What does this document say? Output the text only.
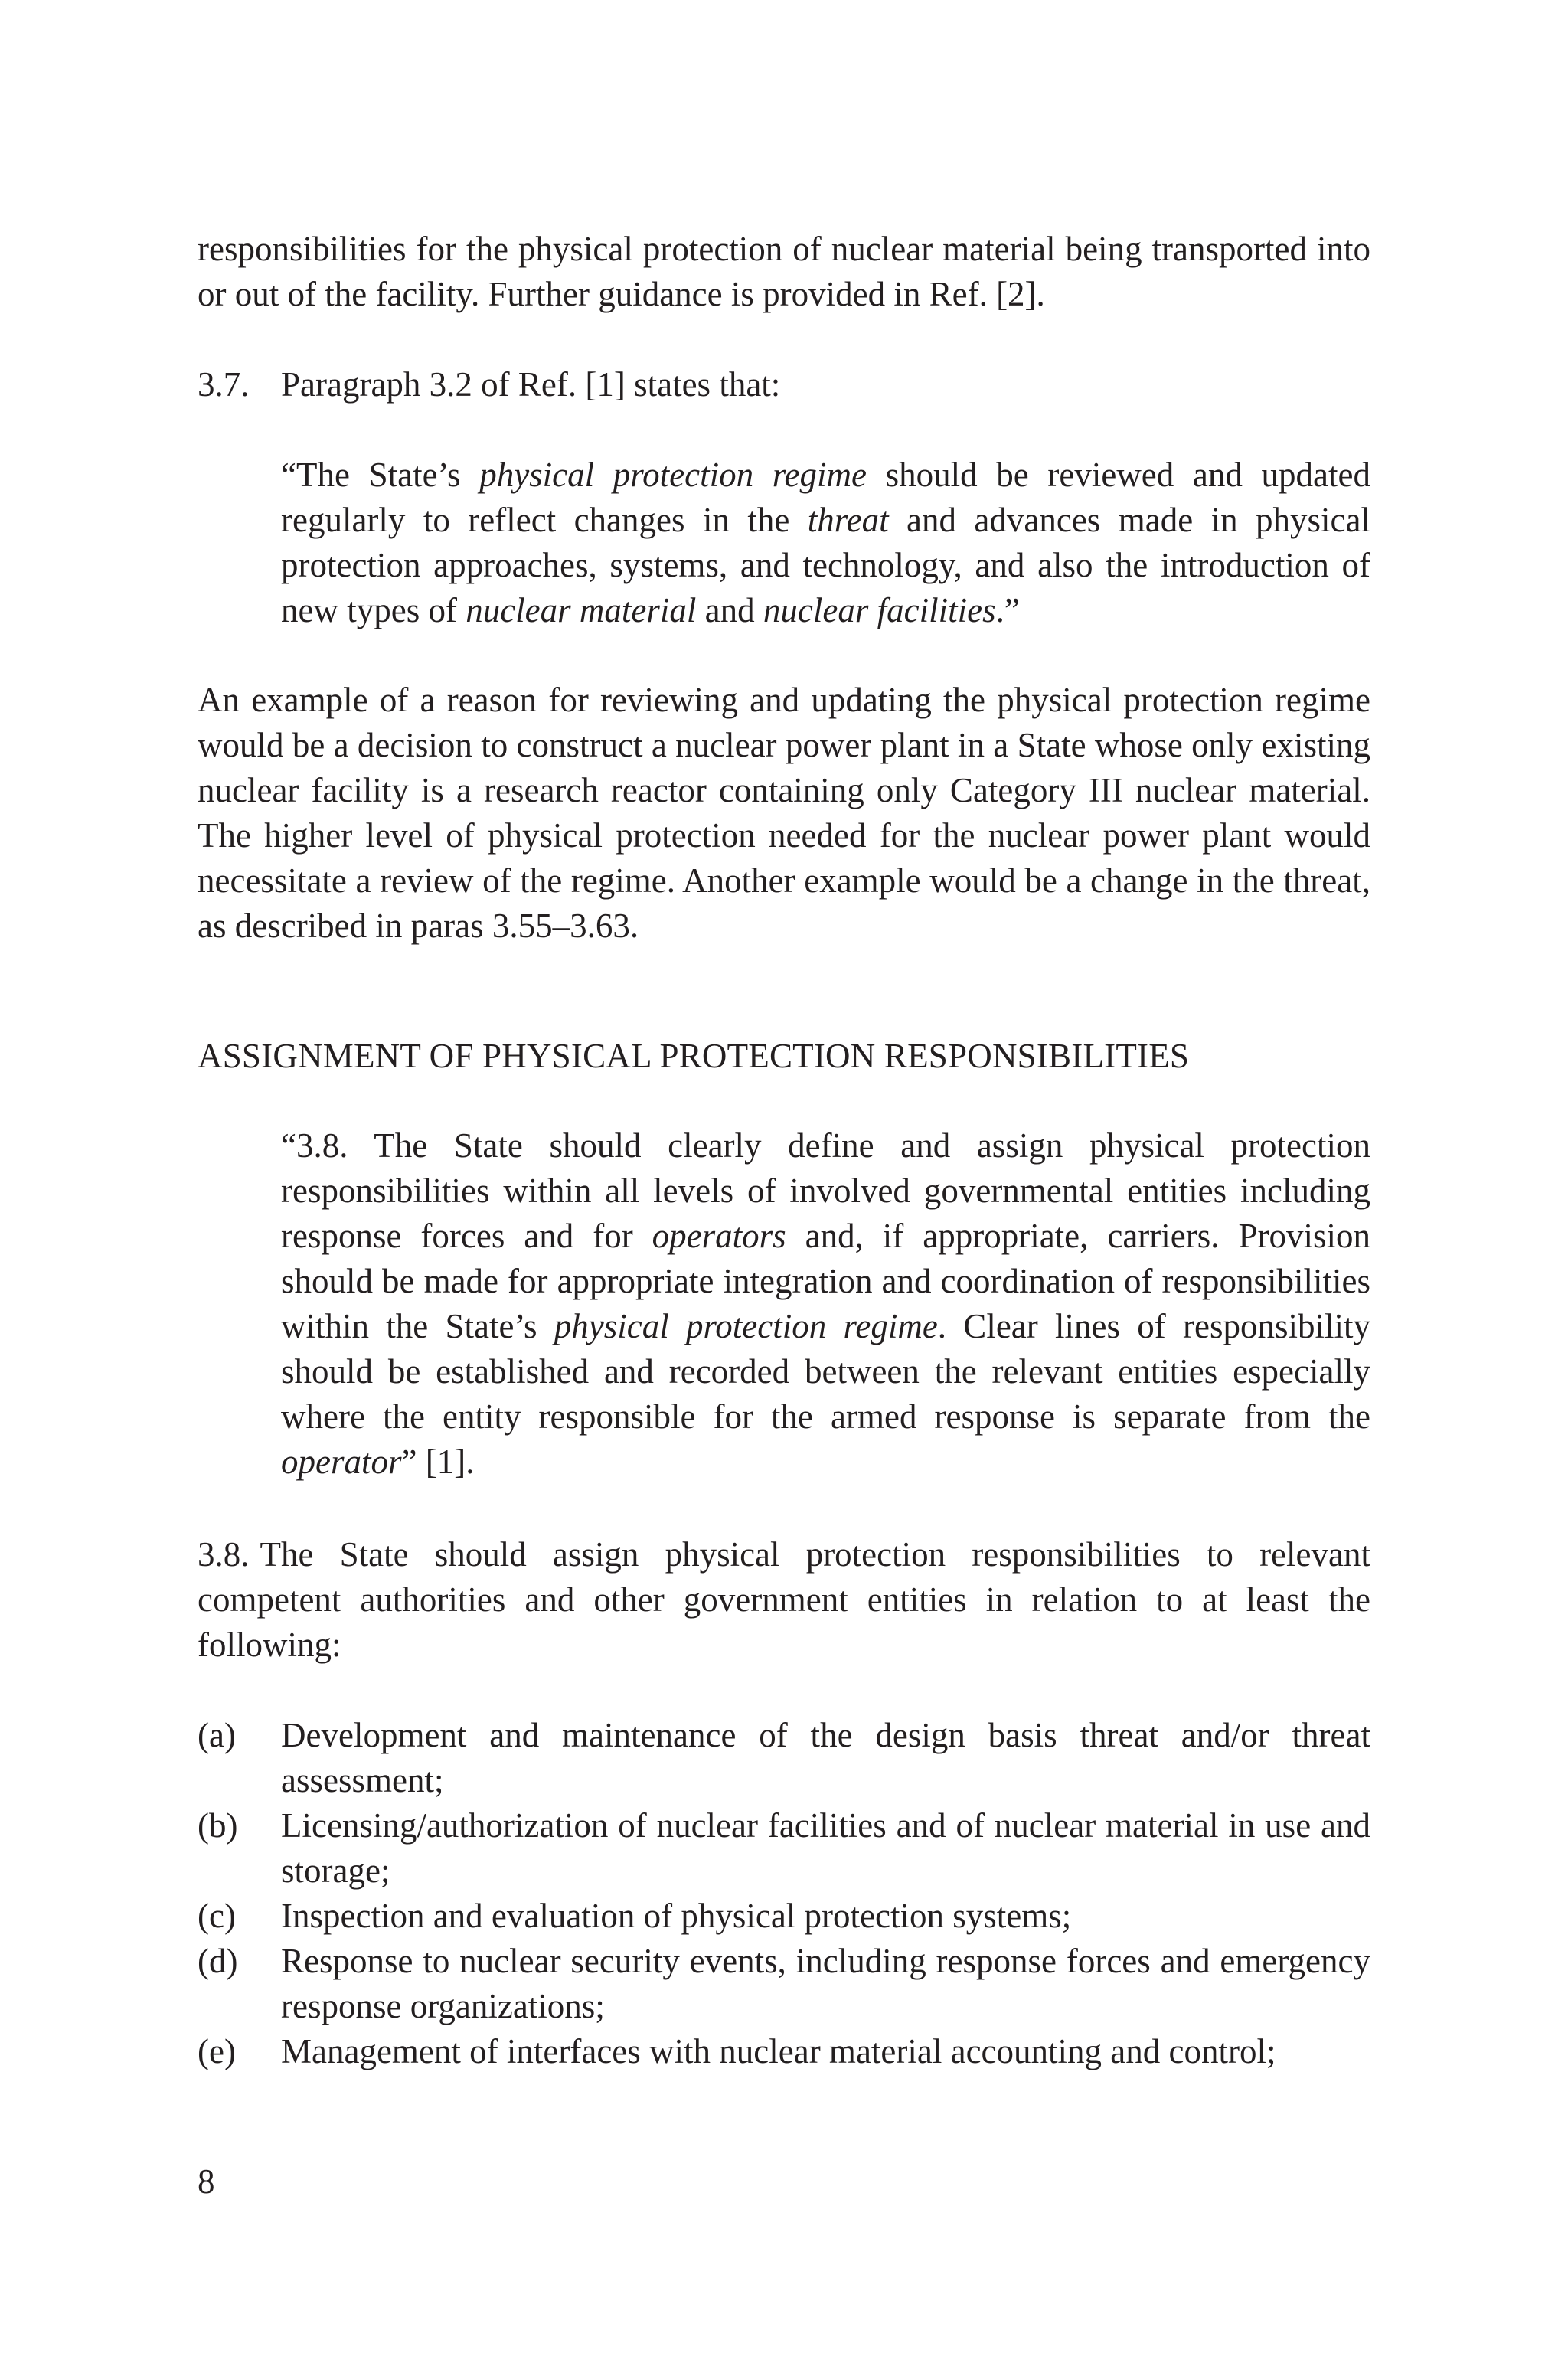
responsibilities for the physical protection of nuclear material being transported into or out of the facility. Further guidance is provided in Ref. [2].

3.7. Paragraph 3.2 of Ref. [1] states that:

“The State’s physical protection regime should be reviewed and updated regularly to reflect changes in the threat and advances made in physical protection approaches, systems, and technology, and also the introduction of new types of nuclear material and nuclear facilities.”

An example of a reason for reviewing and updating the physical protection regime would be a decision to construct a nuclear power plant in a State whose only existing nuclear facility is a research reactor containing only Category III nuclear material. The higher level of physical protection needed for the nuclear power plant would necessitate a review of the regime. Another example would be a change in the threat, as described in paras 3.55–3.63.

ASSIGNMENT OF PHYSICAL PROTECTION RESPONSIBILITIES

“3.8. The State should clearly define and assign physical protection responsibilities within all levels of involved governmental entities including response forces and for operators and, if appropriate, carriers. Provision should be made for appropriate integration and coordination of responsibilities within the State’s physical protection regime. Clear lines of responsibility should be established and recorded between the relevant entities especially where the entity responsible for the armed response is separate from the operator” [1].

3.8. The State should assign physical protection responsibilities to relevant competent authorities and other government entities in relation to at least the following:

(a)	Development and maintenance of the design basis threat and/or threat assessment;
(b)	Licensing/authorization of nuclear facilities and of nuclear material in use and storage;
(c)	Inspection and evaluation of physical protection systems;
(d)	Response to nuclear security events, including response forces and emergency response organizations;
(e)	Management of interfaces with nuclear material accounting and control;

8
